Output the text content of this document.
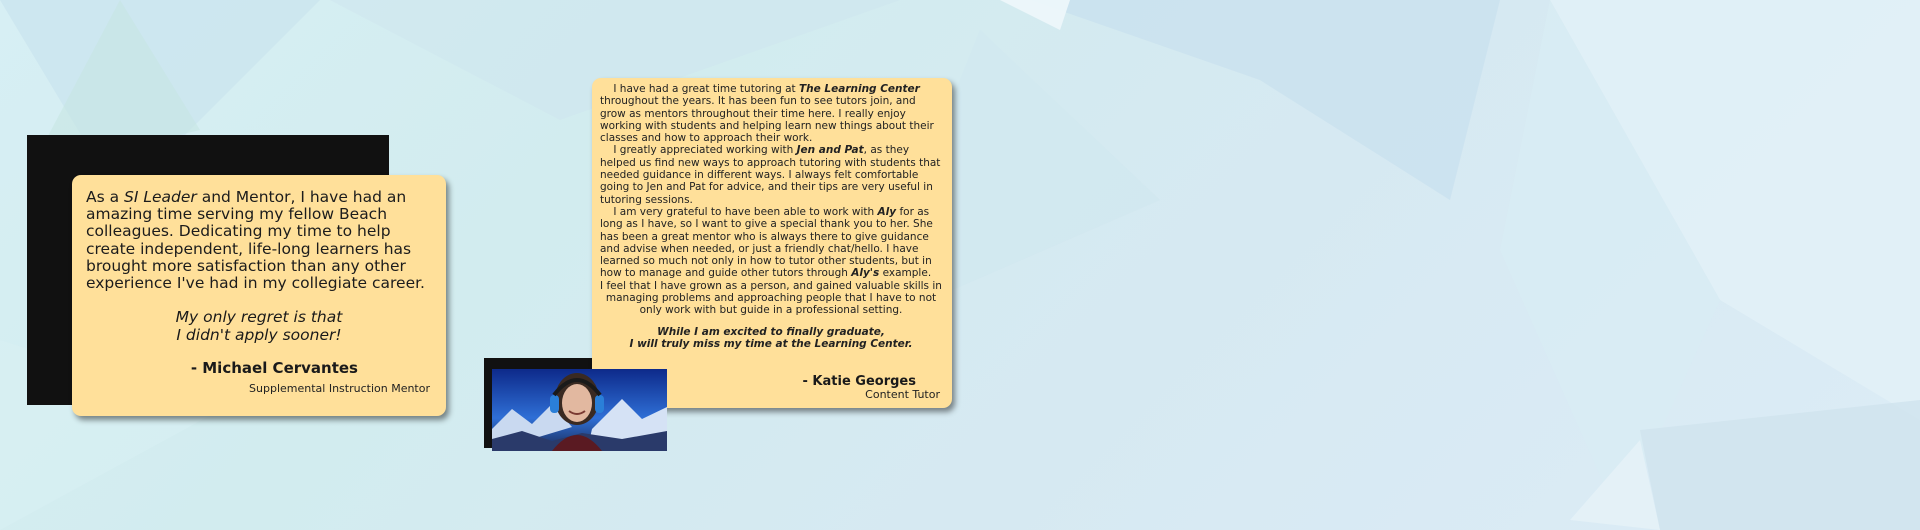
As a SI Leader and Mentor, I have had an amazing time serving my fellow Beach colleagues. Dedicating my time to help create independent, life-long learners has brought more satisfaction than any other experience I've had in my collegiate career.
My only regret is that
I didn't apply sooner!
- Michael Cervantes
Supplemental Instruction Mentor

I have had a great time tutoring at The Learning Center throughout the years. It has been fun to see tutors join, and grow as mentors throughout their time here. I really enjoy working with students and helping learn new things about their classes and how to approach their work.

I greatly appreciated working with Jen and Pat, as they helped us find new ways to approach tutoring with students that needed guidance in different ways. I always felt comfortable going to Jen and Pat for advice, and their tips are very useful in tutoring sessions.

I am very grateful to have been able to work with Aly for as long as I have, so I want to give a special thank you to her. She has been a great mentor who is always there to give guidance and advise when needed, or just a friendly chat/hello. I have learned so much not only in how to tutor other students, but in how to manage and guide other tutors through Aly's example.

I feel that I have grown as a person, and gained valuable skills in managing problems and approaching people that I have to not only work with but guide in a professional setting.

While I am excited to finally graduate,
I will truly miss my time at the Learning Center.
- Katie Georges
Content Tutor
